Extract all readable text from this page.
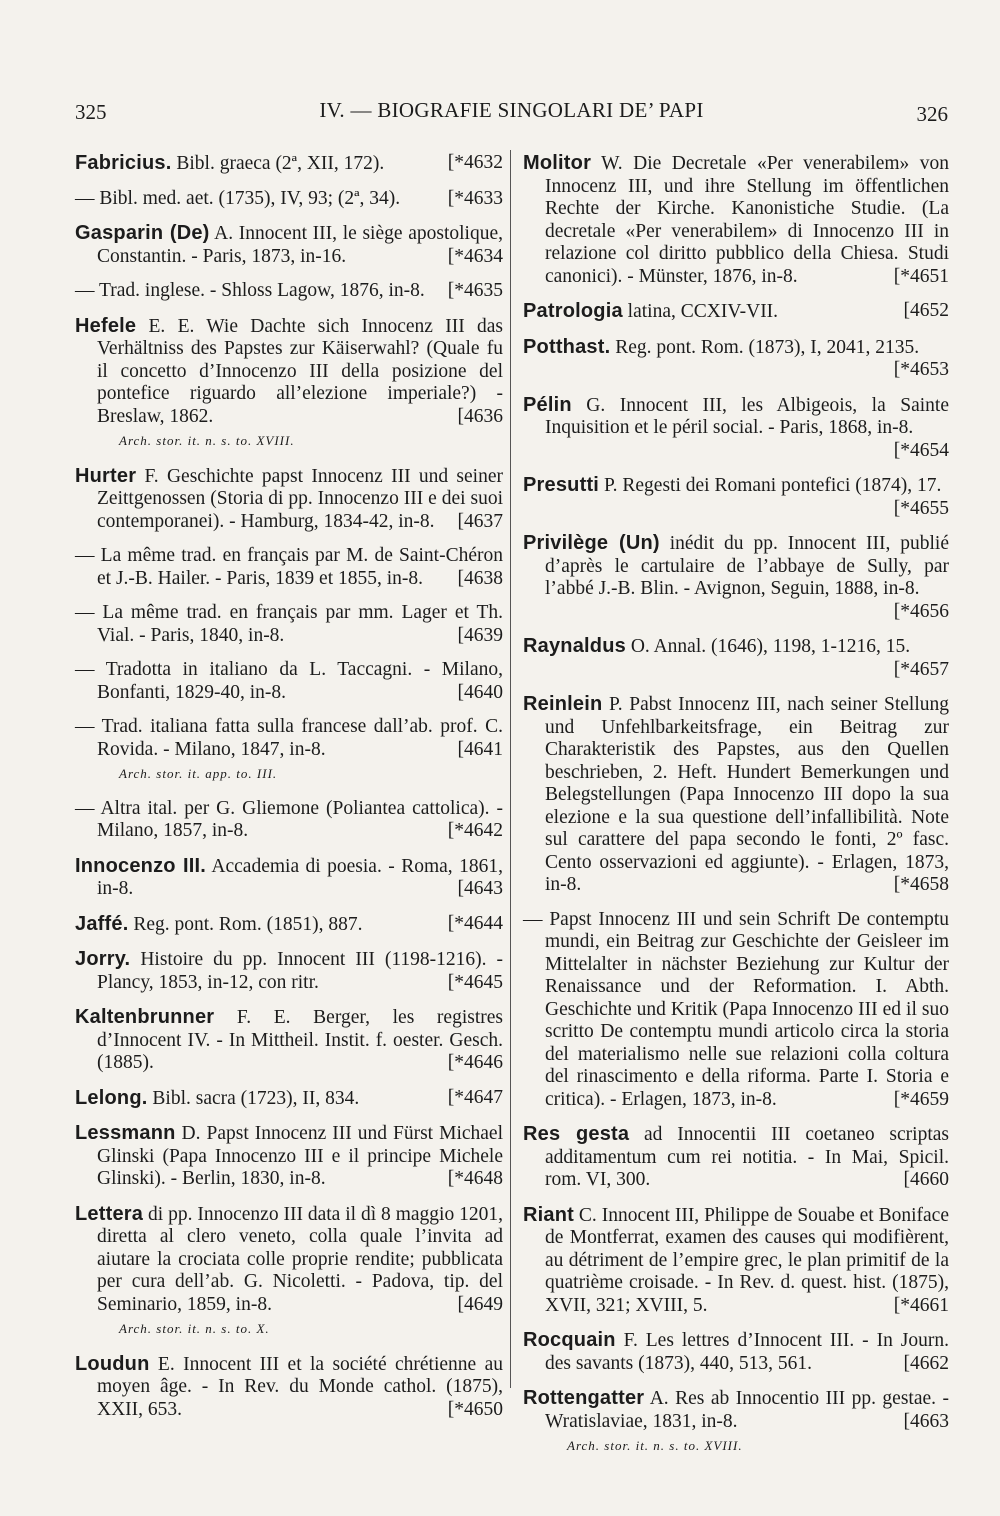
325	IV. — BIOGRAFIE SINGOLARI DE’ PAPI	326
Fabricius. Bibl. graeca (2ª, XII, 172).	[*4632
— Bibl. med. aet. (1735), IV, 93; (2ª, 34). [*4633
Gasparin (De) A. Innocent III, le siège apostolique, Constantin. - Paris, 1873, in-16.	[*4634
— Trad. inglese. - Shloss Lagow, 1876, in-8. [*4635
Hefele E. E. Wie Dachte sich Innocenz III das Verhältniss des Papstes zur Käiserwahl? (Quale fu il concetto d’Innocenzo III della posizione del pontefice riguardo all’elezione imperiale?) - Breslaw, 1862.	[4636
Arch. stor. it. n. s. to. XVIII.
Hurter F. Geschichte papst Innocenz III und seiner Zeittgenossen (Storia di pp. Innocenzo III e dei suoi contemporanei). - Hamburg, 1834-42, in-8. [4637
— La même trad. en français par M. de Saint-Chéron et J.-B. Hailer. - Paris, 1839 et 1855, in-8. [4638
— La même trad. en français par mm. Lager et Th. Vial. - Paris, 1840, in-8.	[4639
— Tradotta in italiano da L. Taccagni. - Milano, Bonfanti, 1829-40, in-8.	[4640
— Trad. italiana fatta sulla francese dall’ab. prof. C. Rovida. - Milano, 1847, in-8.	[4641
Arch. stor. it. app. to. III.
— Altra ital. per G. Gliemone (Poliantea cattolica). - Milano, 1857, in-8.	[*4642
Innocenzo III. Accademia di poesia. - Roma, 1861, in-8.	[4643
Jaffé. Reg. pont. Rom. (1851), 887.	[*4644
Jorry. Histoire du pp. Innocent III (1198-1216). - Plancy, 1853, in-12, con ritr.	[*4645
Kaltenbrunner F. E. Berger, les registres d’Innocent IV. - In Mittheil. Instit. f. oester. Gesch. (1885).	[*4646
Lelong. Bibl. sacra (1723), II, 834.	[*4647
Lessmann D. Papst Innocenz III und Fürst Michael Glinski (Papa Innocenzo III e il principe Michele Glinski). - Berlin, 1830, in-8.	[*4648
Lettera di pp. Innocenzo III data il dì 8 maggio 1201, diretta al clero veneto, colla quale l’invita ad aiutare la crociata colle proprie rendite; pubblicata per cura dell’ab. G. Nicoletti. - Padova, tip. del Seminario, 1859, in-8.	[4649
Arch. stor. it. n. s. to. X.
Loudun E. Innocent III et la société chrétienne au moyen âge. - In Rev. du Monde cathol. (1875), XXII, 653.	[*4650
Molitor W. Die Decretale «Per venerabilem» von Innocenz III, und ihre Stellung im öffentlichen Rechte der Kirche. Kanonistiche Studie. (La decretale «Per venerabilem» di Innocenzo III in relazione col diritto pubblico della Chiesa. Studi canonici). - Münster, 1876, in-8.	[*4651
Patrologia latina, CCXIV-VII.	[4652
Potthast. Reg. pont. Rom. (1873), I, 2041, 2135.
[*4653
Pélin G. Innocent III, les Albigeois, la Sainte Inquisition et le péril social. - Paris, 1868, in-8.
[*4654
Presutti P. Regesti dei Romani pontefici (1874), 17.
[*4655
Privilège (Un) inédit du pp. Innocent III, publié d’après le cartulaire de l’abbaye de Sully, par l’abbé J.-B. Blin. - Avignon, Seguin, 1888, in-8.
[*4656
Raynaldus O. Annal. (1646), 1198, 1-1216, 15.
[*4657
Reinlein P. Pabst Innocenz III, nach seiner Stellung und Unfehlbarkeitsfrage, ein Beitrag zur Charakteristik des Papstes, aus den Quellen beschrieben, 2. Heft. Hundert Bemerkungen und Belegstellungen (Papa Innocenzo III dopo la sua elezione e la sua questione dell’infallibilità. Note sul carattere del papa secondo le fonti, 2º fasc. Cento osservazioni ed aggiunte). - Erlagen, 1873, in-8.	[*4658
— Papst Innocenz III und sein Schrift De contemptu mundi, ein Beitrag zur Geschichte der Geisleer im Mittelalter in nächster Beziehung zur Kultur der Renaissance und der Reformation. I. Abth. Geschichte und Kritik (Papa Innocenzo III ed il suo scritto De contemptu mundi articolo circa la storia del materialismo nelle sue relazioni colla coltura del rinascimento e della riforma. Parte I. Storia e critica). - Erlagen, 1873, in-8.	[*4659
Res gesta ad Innocentii III coetaneo scriptas additamentum cum rei notitia. - In Mai, Spicil. rom. VI, 300.	[4660
Riant C. Innocent III, Philippe de Souabe et Boniface de Montferrat, examen des causes qui modifièrent, au détriment de l’empire grec, le plan primitif de la quatrième croisade. - In Rev. d. quest. hist. (1875), XVII, 321; XVIII, 5.	[*4661
Rocquain F. Les lettres d’Innocent III. - In Journ. des savants (1873), 440, 513, 561.	[4662
Rottengatter A. Res ab Innocentio III pp. gestae. - Wratislaviae, 1831, in-8.	[4663
Arch. stor. it. n. s. to. XVIII.
